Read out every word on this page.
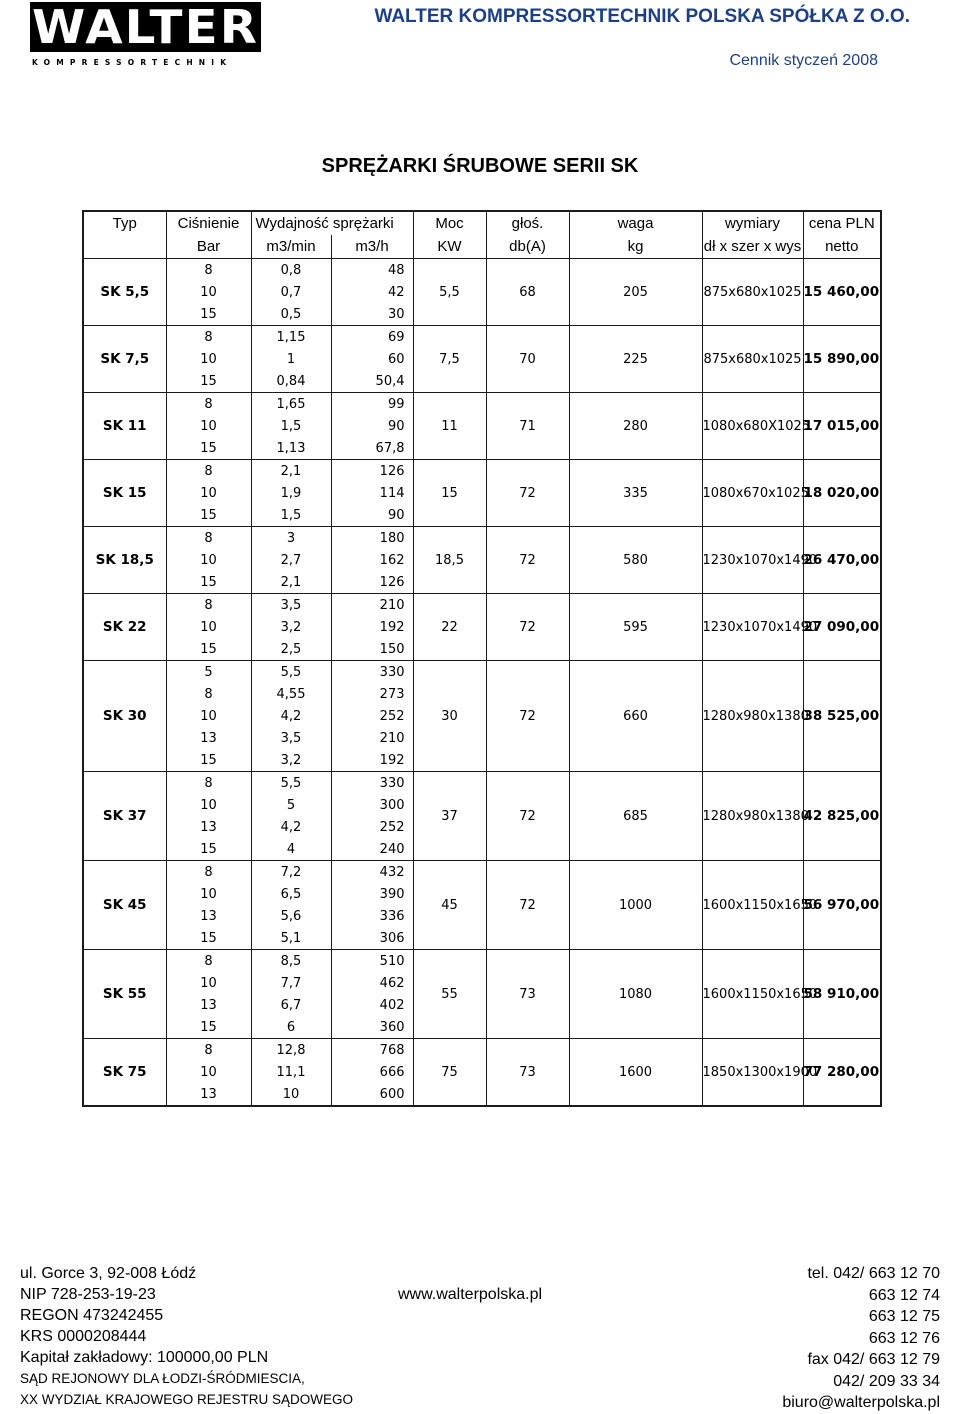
WALTER
KOMPRESSORTECHNIK
WALTER KOMPRESSORTECHNIK POLSKA SPÓŁKA Z O.O.
Cennik styczeń 2008
SPRĘŻARKI ŚRUBOWE SERII SK
Typ	Ciśnienie	Wydajność sprężarki		Moc	głoś.	waga	wymiary	cena PLN
	Bar	m3/min	m3/h	KW	db(A)	kg	dł x szer x wys	netto
SK 5,5	8	0,8	48	5,5	68	205	875x680x1025	15 460,00
	10	0,7	42					
	15	0,5	30					
SK 7,5	8	1,15	69	7,5	70	225	875x680x1025	15 890,00
	10	1	60					
	15	0,84	50,4					
SK 11	8	1,65	99	11	71	280	1080x680X1025	17 015,00
	10	1,5	90					
	15	1,13	67,8					
SK 15	8	2,1	126	15	72	335	1080x670x1025	18 020,00
	10	1,9	114					
	15	1,5	90					
SK 18,5	8	3	180	18,5	72	580	1230x1070x1490	26 470,00
	10	2,7	162					
	15	2,1	126					
SK 22	8	3,5	210	22	72	595	1230x1070x1490	27 090,00
	10	3,2	192					
	15	2,5	150					
SK 30	5	5,5	330	30	72	660	1280x980x1380	38 525,00
	8	4,55	273					
	10	4,2	252					
	13	3,5	210					
	15	3,2	192					
SK 37	8	5,5	330	37	72	685	1280x980x1380	42 825,00
	10	5	300					
	13	4,2	252					
	15	4	240					
SK 45	8	7,2	432	45	72	1000	1600x1150x1650	56 970,00
	10	6,5	390					
	13	5,6	336					
	15	5,1	306					
SK 55	8	8,5	510	55	73	1080	1600x1150x1650	58 910,00
	10	7,7	462					
	13	6,7	402					
	15	6	360					
SK 75	8	12,8	768	75	73	1600	1850x1300x1900	77 280,00
	10	11,1	666					
	13	10	600					
ul. Gorce 3, 92-008 Łódź
NIP 728-253-19-23
REGON 473242455
KRS 0000208444
Kapitał zakładowy: 100000,00 PLN
SĄD REJONOWY DLA ŁODZI-ŚRÓDMIESCIA,
XX WYDZIAŁ KRAJOWEGO REJESTRU SĄDOWEGO
www.walterpolska.pl
tel. 042/ 663 12 70
663 12 74
663 12 75
663 12 76
fax 042/ 663 12 79
042/ 209 33 34
biuro@walterpolska.pl
